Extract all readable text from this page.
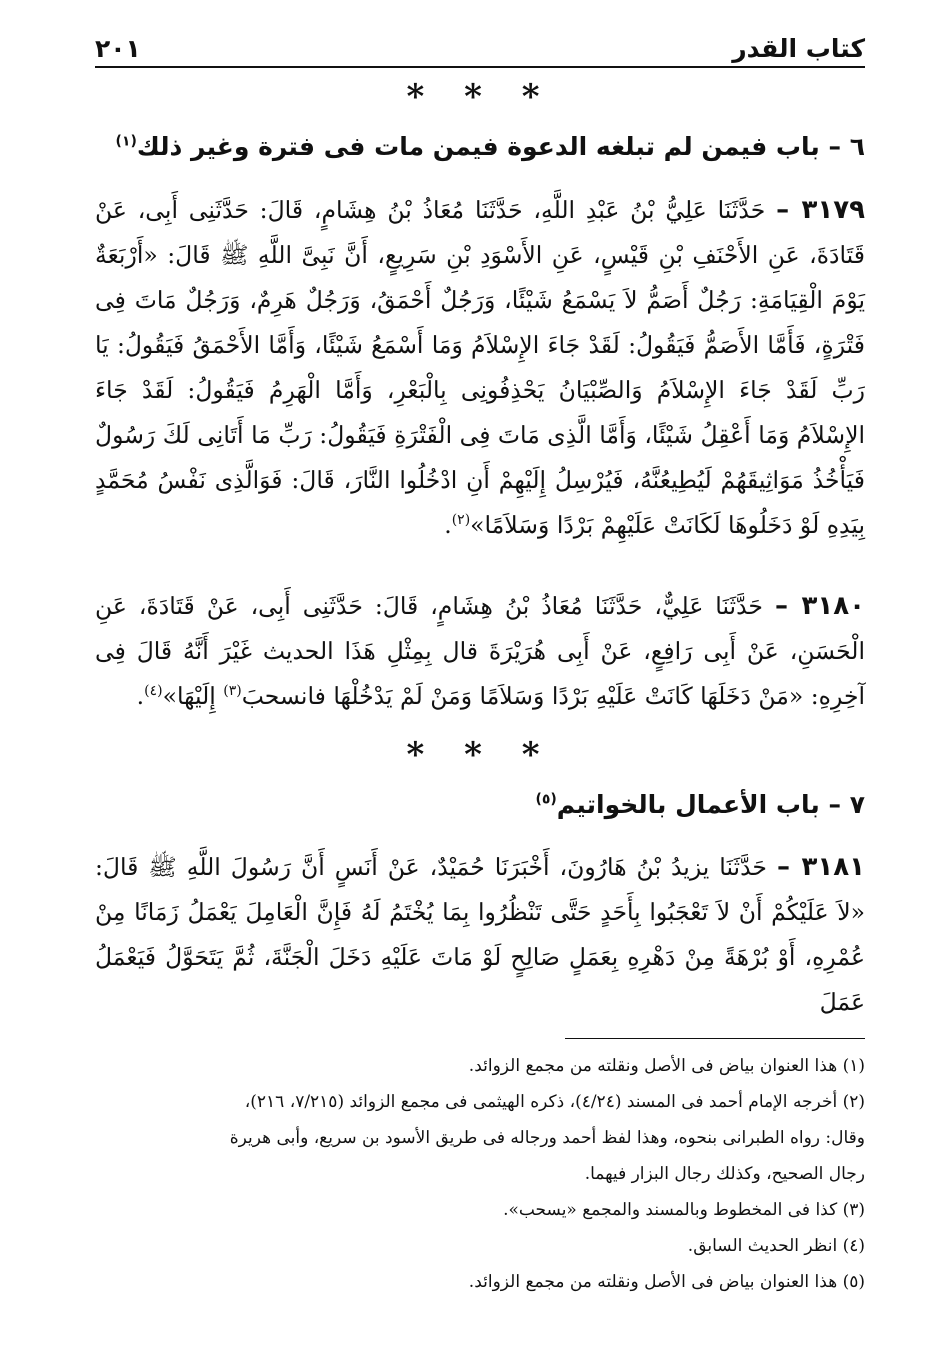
كتاب القدر
٢٠١
* * *
٦ – باب فيمن لم تبلغه الدعوة فيمن مات فى فترة وغير ذلك$^{(١)}$
٣١٧٩ – حَدَّثَنَا عَلِيُّ بْنُ عَبْدِ اللَّهِ، حَدَّثَنَا مُعَاذُ بْنُ هِشَامٍ، قَالَ: حَدَّثَنِى أَبِى، عَنْ قَتَادَةَ، عَنِ الأَحْنَفِ بْنِ قَيْسٍ، عَنِ الأَسْوَدِ بْنِ سَرِيعٍ، أَنَّ نَبِىَّ اللَّهِ ﷺ قَالَ: «أَرْبَعَةٌ يَوْمَ الْقِيَامَةِ: رَجُلٌ أَصَمُّ لاَ يَسْمَعُ شَيْئًا، وَرَجُلٌ أَحْمَقُ، وَرَجُلٌ هَرِمٌ، وَرَجُلٌ مَاتَ فِى فَتْرَةٍ، فَأَمَّا الأَصَمُّ فَيَقُولُ: لَقَدْ جَاءَ الإِسْلاَمُ وَمَا أَسْمَعُ شَيْئًا، وَأَمَّا الأَحْمَقُ فَيَقُولُ: يَا رَبِّ لَقَدْ جَاءَ الإِسْلاَمُ وَالصِّبْيَانُ يَحْذِفُونِى بِالْبَعْرِ، وَأَمَّا الْهَرِمُ فَيَقُولُ: لَقَدْ جَاءَ الإِسْلاَمُ وَمَا أَعْقِلُ شَيْئًا، وَأَمَّا الَّذِى مَاتَ فِى الْفَتْرَةِ فَيَقُولُ: رَبِّ مَا أَتَانِى لَكَ رَسُولٌ فَيَأْخُذُ مَوَاثِيقَهُمْ لَيُطِيعُنَّهُ، فَيُرْسِلُ إِلَيْهِمْ أَنِ ادْخُلُوا النَّارَ، قَالَ: فَوَالَّذِى نَفْسُ مُحَمَّدٍ بِيَدِهِ لَوْ دَخَلُوهَا لَكَانَتْ عَلَيْهِمْ بَرْدًا وَسَلاَمًا»$^{(٢)}$.
٣١٨٠ – حَدَّثَنَا عَلِيٌّ، حَدَّثَنَا مُعَاذُ بْنُ هِشَامٍ، قَالَ: حَدَّثَنِى أَبِى، عَنْ قَتَادَةَ، عَنِ الْحَسَنِ، عَنْ أَبِى رَافِعٍ، عَنْ أَبِى هُرَيْرَةَ قال بِمِثْلِ هَذَا الحديث غَيْرَ أَنَّهُ قَالَ فِى آخِرِهِ: «مَنْ دَخَلَهَا كَانَتْ عَلَيْهِ بَرْدًا وَسَلاَمًا وَمَنْ لَمْ يَدْخُلْهَا فانسحبَ$^{(٣)}$ إِلَيْهَا»$^{(٤)}$.
* * *
٧ – باب الأعمال بالخواتيم$^{(٥)}$
٣١٨١ – حَدَّثَنَا يزيدُ بْنُ هَارُونَ، أَخْبَرَنَا حُمَيْدٌ، عَنْ أَنَسٍ أَنَّ رَسُولَ اللَّهِ ﷺ قَالَ: «لاَ عَلَيْكُمْ أَنْ لاَ تَعْجَبُوا بِأَحَدٍ حَتَّى تَنْظُرُوا بِمَا يُخْتَمُ لَهُ فَإِنَّ الْعَامِلَ يَعْمَلُ زَمَانًا مِنْ عُمْرِهِ، أَوْ بُرْهَةً مِنْ دَهْرِهِ بِعَمَلٍ صَالِحٍ لَوْ مَاتَ عَلَيْهِ دَخَلَ الْجَنَّةَ، ثُمَّ يَتَحَوَّلُ فَيَعْمَلُ عَمَلَ

(١) هذا العنوان بياض فى الأصل ونقلته من مجمع الزوائد.

(٢) أخرجه الإمام أحمد فى المسند (٤/٢٤)، ذكره الهيثمى فى مجمع الزوائد (٧/٢١٥، ٢١٦)،
وقال: رواه الطبرانى بنحوه، وهذا لفظ أحمد ورجاله فى طريق الأسود بن سريع، وأبى هريرة
رجال الصحيح، وكذلك رجال البزار فيهما.

(٣) كذا فى المخطوط وبالمسند والمجمع «يسحب».

(٤) انظر الحديث السابق.

(٥) هذا العنوان بياض فى الأصل ونقلته من مجمع الزوائد.
